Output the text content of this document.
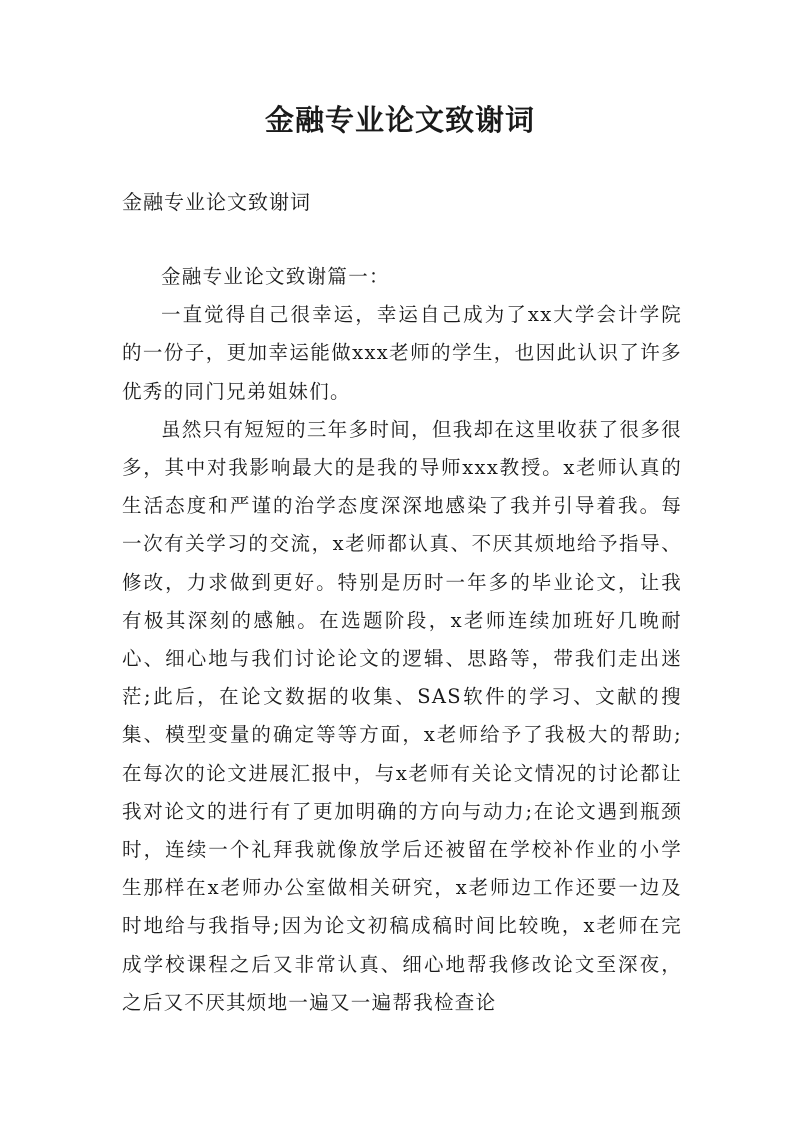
金融专业论文致谢词
金融专业论文致谢词

金融专业论文致谢篇一：

一直觉得自己很幸运，幸运自己成为了xx大学会计学院的一份子，更加幸运能做xxx老师的学生，也因此认识了许多优秀的同门兄弟姐妹们。

虽然只有短短的三年多时间，但我却在这里收获了很多很多，其中对我影响最大的是我的导师xxx教授。x老师认真的生活态度和严谨的治学态度深深地感染了我并引导着我。每一次有关学习的交流，x老师都认真、不厌其烦地给予指导、修改，力求做到更好。特别是历时一年多的毕业论文，让我有极其深刻的感触。在选题阶段，x老师连续加班好几晚耐心、细心地与我们讨论论文的逻辑、思路等，带我们走出迷茫;此后，在论文数据的收集、SAS软件的学习、文献的搜集、模型变量的确定等等方面，x老师给予了我极大的帮助;在每次的论文进展汇报中，与x老师有关论文情况的讨论都让我对论文的进行有了更加明确的方向与动力;在论文遇到瓶颈时，连续一个礼拜我就像放学后还被留在学校补作业的小学生那样在x老师办公室做相关研究，x老师边工作还要一边及时地给与我指导;因为论文初稿成稿时间比较晚，x老师在完成学校课程之后又非常认真、细心地帮我修改论文至深夜，之后又不厌其烦地一遍又一遍帮我检查论
